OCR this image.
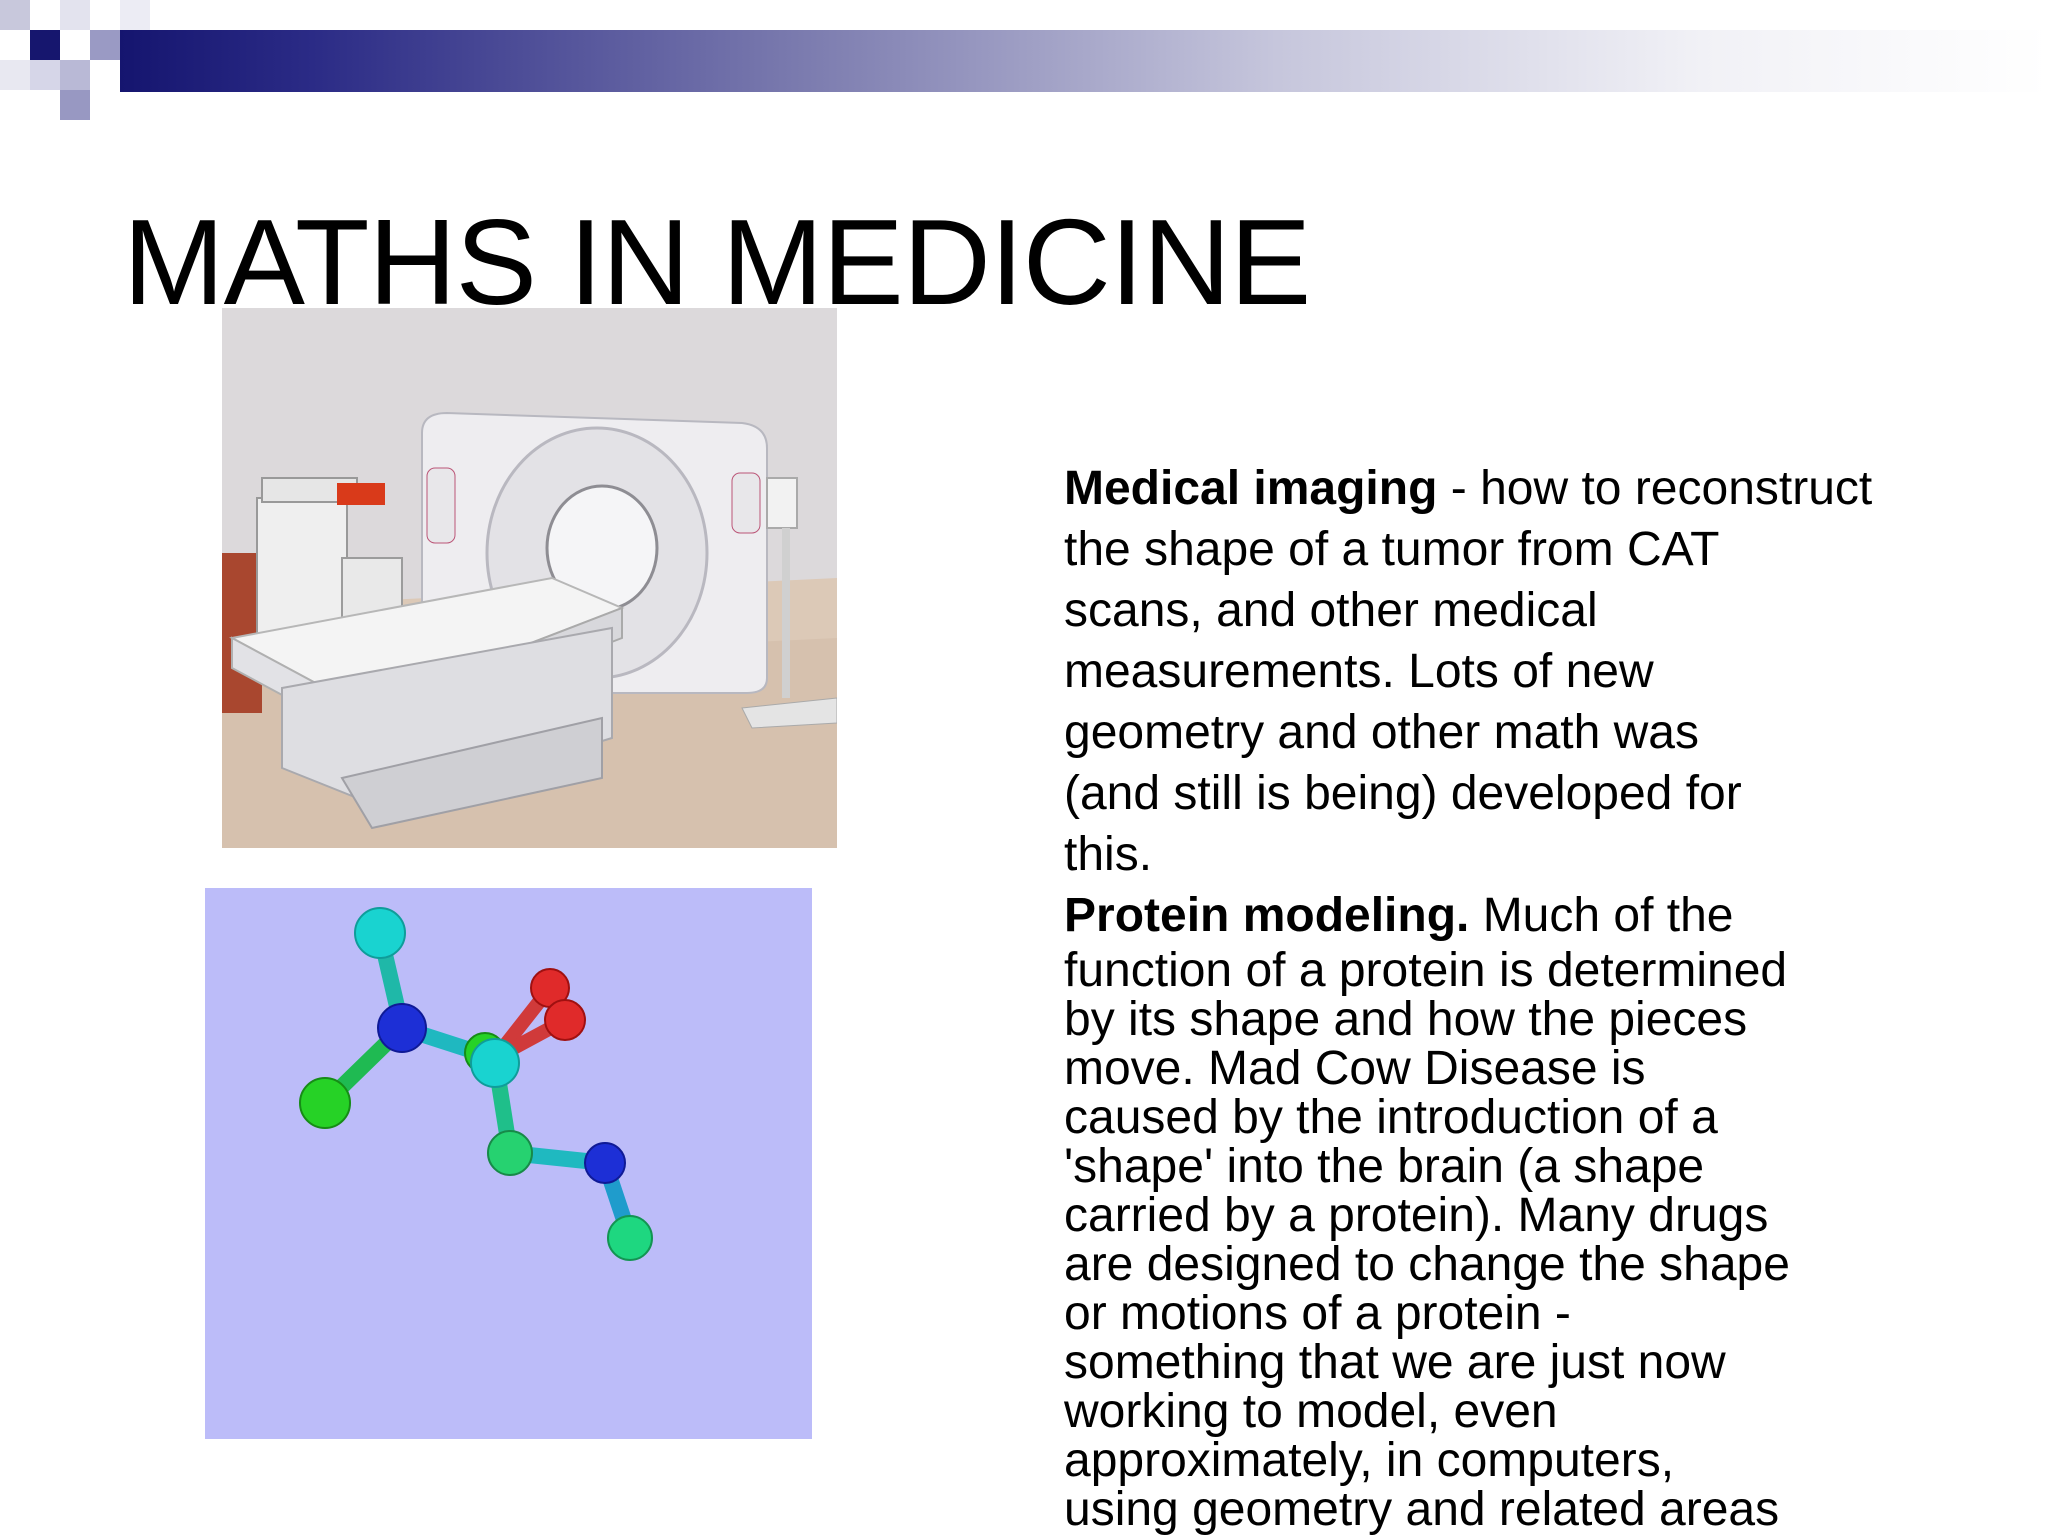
MATHS IN MEDICINE

Medical imaging - how to reconstruct
the shape of a tumor from CAT
scans, and other medical
measurements. Lots of new
geometry and other math was
(and still is being) developed for
this.

Protein modeling. Much of the
function of a protein is determined
by its shape and how the pieces
move. Mad Cow Disease is
caused by the introduction of a
'shape' into the brain (a shape
carried by a protein). Many drugs
are designed to change the shape
or motions of a protein -
something that we are just now
working to model, even
approximately, in computers,
using geometry and related areas
